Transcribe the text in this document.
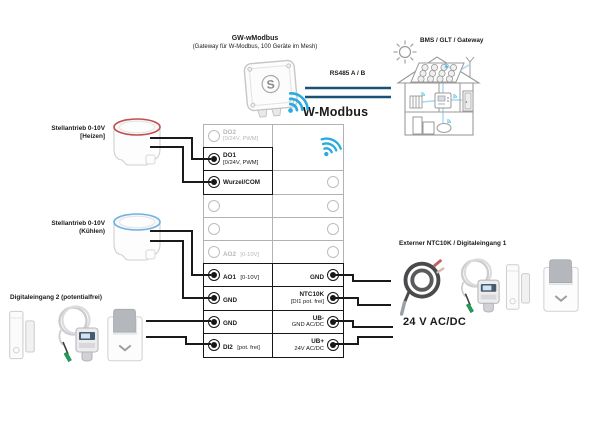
GW-wModbus
(Gateway für W-Modbus, 100 Geräte im Mesh)
S
RS485 A / B
W-Modbus
BMS / GLT / Gateway
Stellantrieb 0-10V
[Heizen]
Stellantrieb 0-10V
(Kühlen)
Digitaleingang 2 (potentialfrei)
Externer NTC10K / Digitaleingang 1
24 V AC/DC
DO2
[0/24V, PWM]
DO1
[0/24V, PWM]
Wurzel/COM
AO2 [0-10V]
AO1 [0-10V]
GND
GND
DI2 [pot. frei]
GND
NTC10K
[DI1 pot. frei]
UB-
GND AC/DC
UB+
24V AC/DC
